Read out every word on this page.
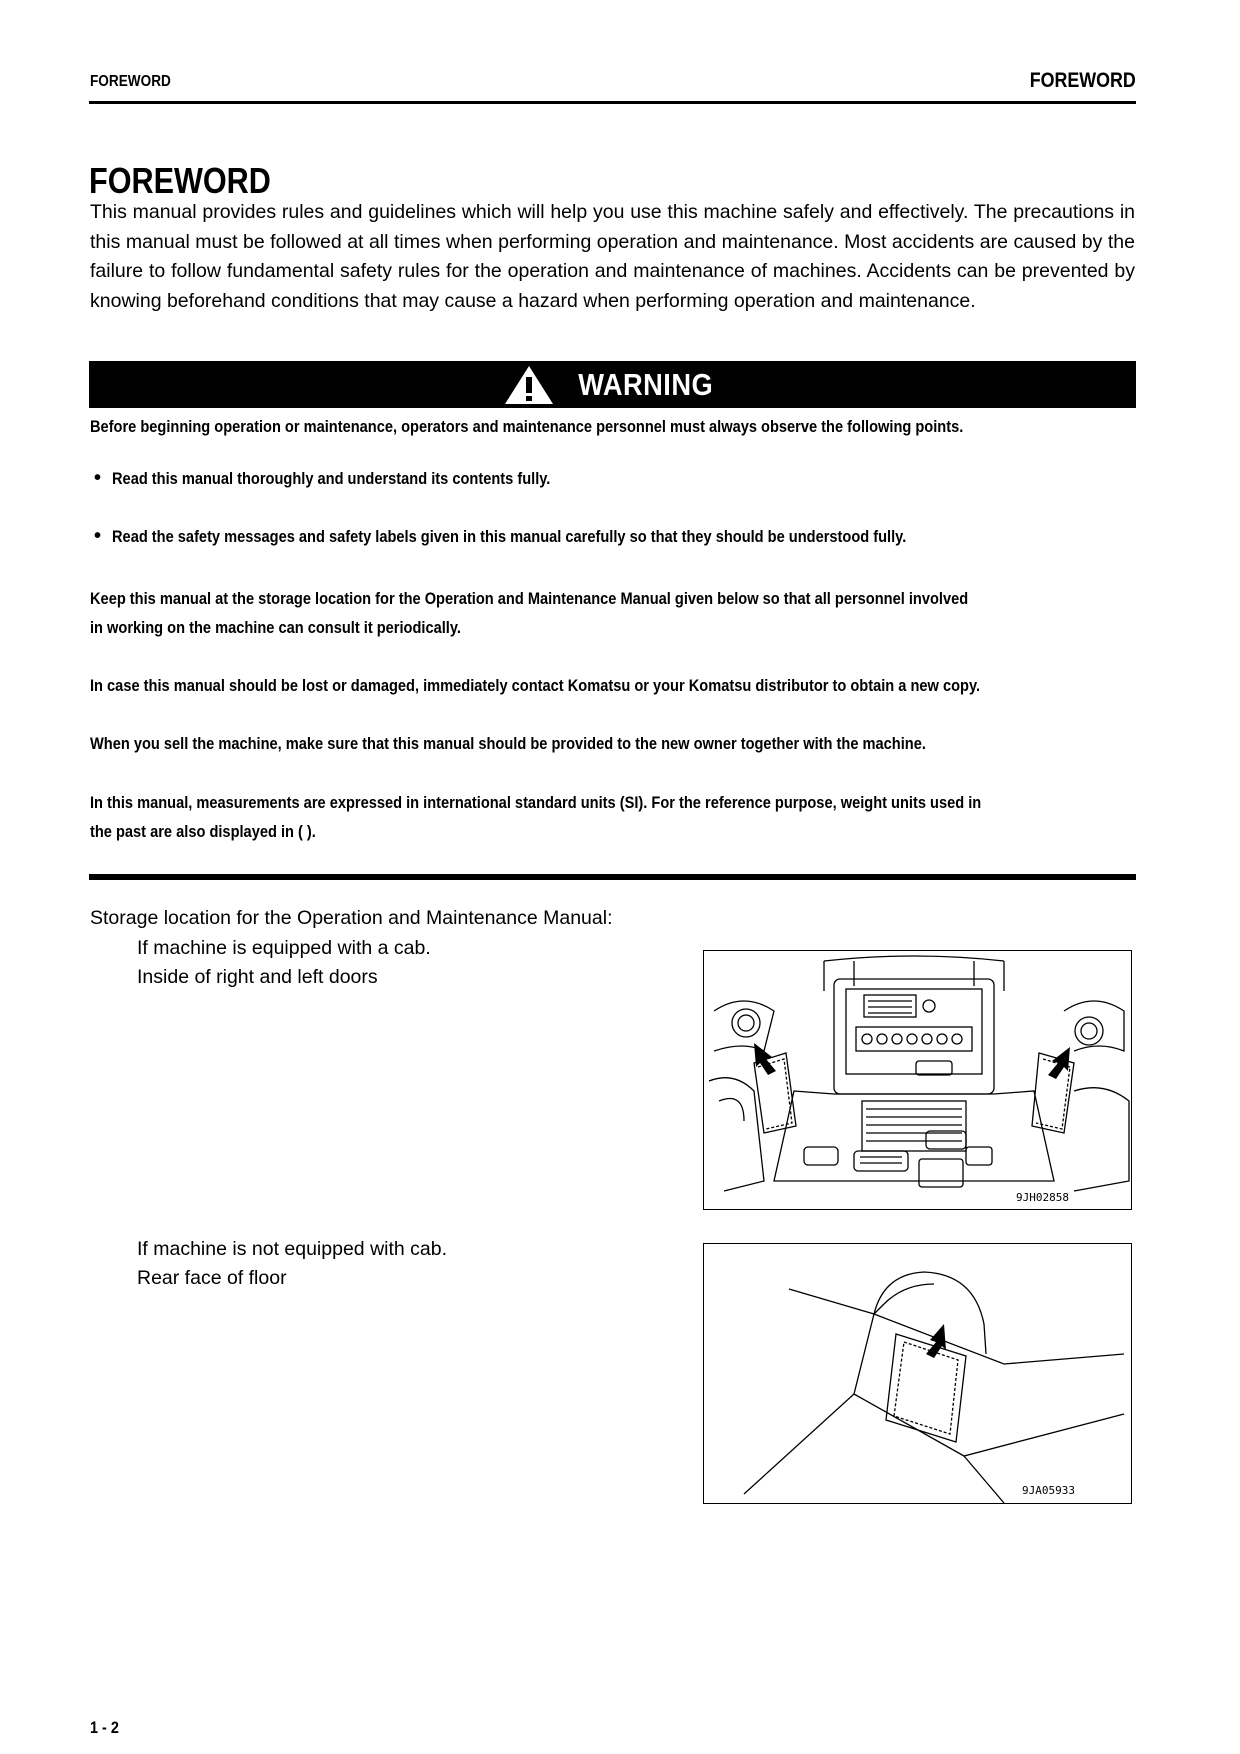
FOREWORD	FOREWORD
FOREWORD
This manual provides rules and guidelines which will help you use this machine safely and effectively. The precautions in this manual must be followed at all times when performing operation and maintenance. Most accidents are caused by the failure to follow fundamental safety rules for the operation and maintenance of machines. Accidents can be prevented by knowing beforehand conditions that may cause a hazard when performing operation and maintenance.
WARNING
Before beginning operation or maintenance, operators and maintenance personnel must always observe the following points.
• Read this manual thoroughly and understand its contents fully.
• Read the safety messages and safety labels given in this manual carefully so that they should be understood fully.
Keep this manual at the storage location for the Operation and Maintenance Manual given below so that all personnel involved
in working on the machine can consult it periodically.
In case this manual should be lost or damaged, immediately contact Komatsu or your Komatsu distributor to obtain a new copy.
When you sell the machine, make sure that this manual should be provided to the new owner together with the machine.
In this manual, measurements are expressed in international standard units (SI). For the reference purpose, weight units used in
the past are also displayed in ( ).
Storage location for the Operation and Maintenance Manual:
If machine is equipped with a cab.
Inside of right and left doors
9JH02858
If machine is not equipped with cab.
Rear face of floor
9JA05933
1 - 2
